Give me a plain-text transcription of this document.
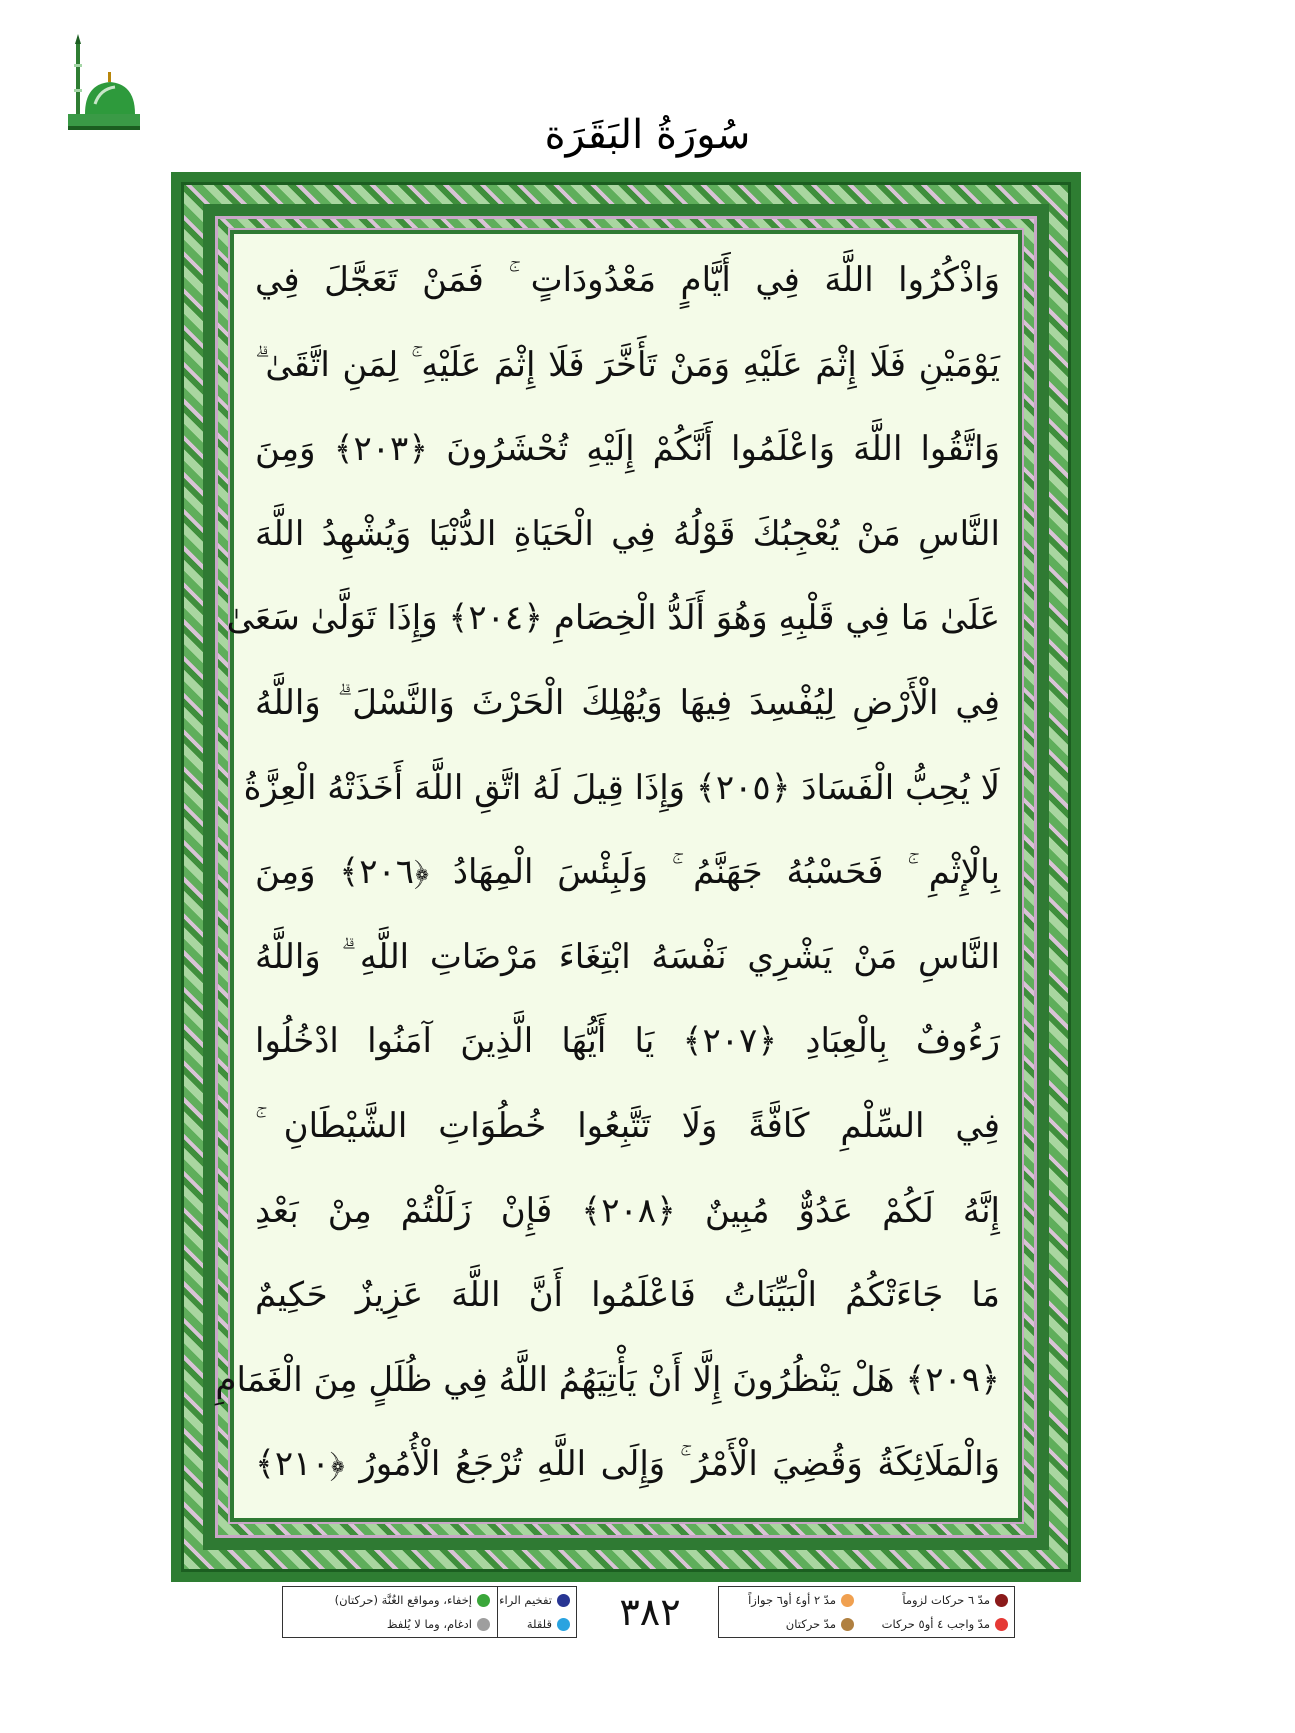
سُورَةُ البَقَرَة
وَاذْكُرُوا اللَّهَ فِي أَيَّامٍ مَعْدُودَاتٍ ۚ فَمَنْ تَعَجَّلَ فِي
يَوْمَيْنِ فَلَا إِثْمَ عَلَيْهِ وَمَنْ تَأَخَّرَ فَلَا إِثْمَ عَلَيْهِ ۚ لِمَنِ اتَّقَىٰ ۗ
وَاتَّقُوا اللَّهَ وَاعْلَمُوا أَنَّكُمْ إِلَيْهِ تُحْشَرُونَ ﴿٢٠٣﴾ وَمِنَ
النَّاسِ مَنْ يُعْجِبُكَ قَوْلُهُ فِي الْحَيَاةِ الدُّنْيَا وَيُشْهِدُ اللَّهَ
عَلَىٰ مَا فِي قَلْبِهِ وَهُوَ أَلَدُّ الْخِصَامِ ﴿٢٠٤﴾ وَإِذَا تَوَلَّىٰ سَعَىٰ
فِي الْأَرْضِ لِيُفْسِدَ فِيهَا وَيُهْلِكَ الْحَرْثَ وَالنَّسْلَ ۗ وَاللَّهُ
لَا يُحِبُّ الْفَسَادَ ﴿٢٠٥﴾ وَإِذَا قِيلَ لَهُ اتَّقِ اللَّهَ أَخَذَتْهُ الْعِزَّةُ
بِالْإِثْمِ ۚ فَحَسْبُهُ جَهَنَّمُ ۚ وَلَبِئْسَ الْمِهَادُ ﴿٢٠٦﴾ وَمِنَ
النَّاسِ مَنْ يَشْرِي نَفْسَهُ ابْتِغَاءَ مَرْضَاتِ اللَّهِ ۗ وَاللَّهُ
رَءُوفٌ بِالْعِبَادِ ﴿٢٠٧﴾ يَا أَيُّهَا الَّذِينَ آمَنُوا ادْخُلُوا
فِي السِّلْمِ كَافَّةً وَلَا تَتَّبِعُوا خُطُوَاتِ الشَّيْطَانِ ۚ
إِنَّهُ لَكُمْ عَدُوٌّ مُبِينٌ ﴿٢٠٨﴾ فَإِنْ زَلَلْتُمْ مِنْ بَعْدِ
مَا جَاءَتْكُمُ الْبَيِّنَاتُ فَاعْلَمُوا أَنَّ اللَّهَ عَزِيزٌ حَكِيمٌ
﴿٢٠٩﴾ هَلْ يَنْظُرُونَ إِلَّا أَنْ يَأْتِيَهُمُ اللَّهُ فِي ظُلَلٍ مِنَ الْغَمَامِ
وَالْمَلَائِكَةُ وَقُضِيَ الْأَمْرُ ۚ وَإِلَى اللَّهِ تُرْجَعُ الْأُمُورُ ﴿٢١٠﴾
تفخيم الراء
قلقلة
إخفاء، ومواقع الغُنَّة (حركتان)
ادغام، وما لا يُلفظ	٣٨٢	مدّ ٦ حركات لزوماً
مدّ واجب ٤ أو٥ حركات
مدّ ٢ أو٤ أو٦ جوازاً
مدّ حركتان
